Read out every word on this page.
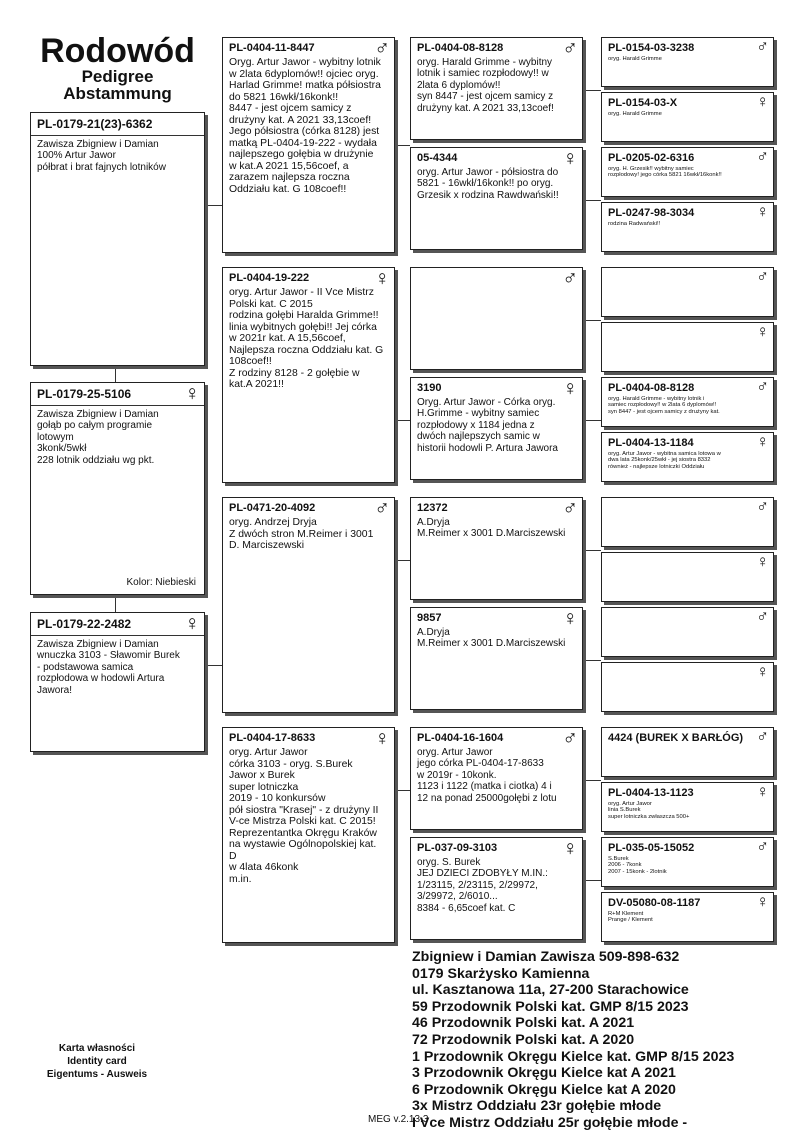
Rodowód
Pedigree
Abstammung
PL-0179-21(23)-6362
Zawisza Zbigniew i Damian
100% Artur Jawor
półbrat i brat fajnych lotników
PL-0179-25-5106	♀
Zawisza Zbigniew i Damian
gołąb po całym programie
lotowym
3konk/5wkł
228 lotnik oddziału wg pkt.
Kolor: Niebieski
PL-0179-22-2482	♀
Zawisza Zbigniew i Damian
wnuczka 3103 - Sławomir Burek
- podstawowa samica
rozpłodowa w hodowli Artura
Jawora!
PL-0404-11-8447	♂
Oryg. Artur Jawor - wybitny lotnik
w 2lata 6dyplomów!! ojciec oryg.
Harlad Grimme! matka półsiostra
do 5821 16wkł/16konk!!
8447 - jest ojcem samicy z
drużyny kat. A 2021 33,13coef!
Jego półsiostra (córka 8128) jest
matką PL-0404-19-222 - wydała
najlepszego gołębia w drużynie
w kat.A 2021 15,56coef, a
zarazem najlepsza roczna
Oddziału kat. G 108coef!!
PL-0404-19-222	♀
oryg. Artur Jawor - II Vce Mistrz
Polski kat. C 2015
rodzina gołębi Haralda Grimme!!
linia wybitnych gołębi!! Jej córka
w 2021r kat. A 15,56coef,
Najlepsza roczna Oddziału kat. G
108coef!!
Z rodziny 8128 - 2 gołębie w
kat.A 2021!!
PL-0471-20-4092	♂
oryg. Andrzej Dryja
Z dwóch stron M.Reimer i 3001
D. Marciszewski
PL-0404-17-8633	♀
oryg. Artur Jawor
córka 3103 - oryg. S.Burek
Jawor x Burek
super lotniczka
2019 - 10 konkursów
pół siostra "Krasej" - z drużyny II
V-ce Mistrza Polski kat. C 2015!
Reprezentantka Okręgu Kraków
na wystawie Ogólnopolskiej kat.
D
w 4lata 46konk
m.in.
PL-0404-08-8128	♂
oryg. Harald Grimme - wybitny
lotnik i samiec rozpłodowy!! w
2lata 6 dyplomów!!
syn 8447 - jest ojcem samicy z
drużyny kat. A 2021 33,13coef!
05-4344	♀
oryg. Artur Jawor - półsiostra do
5821 - 16wkł/16konk!! po oryg.
Grzesik x rodzina Rawdwański!!
♂
3190	♀
Oryg. Artur Jawor - Córka oryg.
H.Grimme - wybitny samiec
rozpłodowy x 1184 jedna z
dwóch najlepszych samic w
historii hodowli P. Artura Jawora
12372	♂
A.Dryja
M.Reimer x 3001 D.Marciszewski
9857	♀
A.Dryja
M.Reimer x 3001 D.Marciszewski
PL-0404-16-1604	♂
oryg. Artur Jawor
jego córka PL-0404-17-8633
w 2019r - 10konk.
1123 i 1122 (matka i ciotka) 4 i
12 na ponad 25000gołębi z lotu
PL-037-09-3103	♀
oryg. S. Burek
JEJ DZIECI ZDOBYŁY M.IN.:
1/23115, 2/23115, 2/29972,
3/29972, 2/6010...
8384 - 6,65coef kat. C
PL-0154-03-3238	♂
oryg. Harald Grimme
PL-0154-03-X	♀
oryg. Harald Grimme
PL-0205-02-6316	♂
oryg. H. Grzesik!! wybitny samiec
rozpłodowy! jego córka 5821 16wkł/16konk!!
PL-0247-98-3034	♀
rodzina Radwański!!
♂
♀
PL-0404-08-8128	♂
oryg. Harald Grimme - wybitny lotnik i
samiec rozpłodowy!! w 2lata 6 dyplomów!!
syn 8447 - jest ojcem samicy z drużyny kat.
PL-0404-13-1184	♀
oryg. Artur Jawor - wybitna samica lotowa w
dwa lata 25konk/25wkł - jej siostra 8332
również - najlepsze lotniczki Oddziału
♂
♀
♂
♀
4424 (BUREK X BARŁÓG) ♂
PL-0404-13-1123	♀
oryg. Artur Jawor
linia S.Burek
super lotniczka zwłaszcza 500+
PL-035-05-15052	♂
S.Burek
2006 - 7konk
2007 - 15konk - 2lotnik
DV-05080-08-1187	♀
R+M Klement
Prange / Klement
Zbigniew i Damian Zawisza 509-898-632
0179 Skarżysko Kamienna
ul. Kasztanowa 11a, 27-200 Starachowice
59 Przodownik Polski kat. GMP 8/15 2023
46 Przodownik Polski kat. A 2021
72 Przodownik Polski kat. A 2020
1 Przodownik Okręgu Kielce kat. GMP 8/15 2023
3 Przodownik Okręgu Kielce kat A 2021
6 Przodownik Okręgu Kielce kat A 2020
3x Mistrz Oddziału 23r gołębie młode
I Vce Mistrz Oddziału 25r gołębie młode -
Karta własności
Identity card
Eigentums - Ausweis
MEG v.2.13.3
